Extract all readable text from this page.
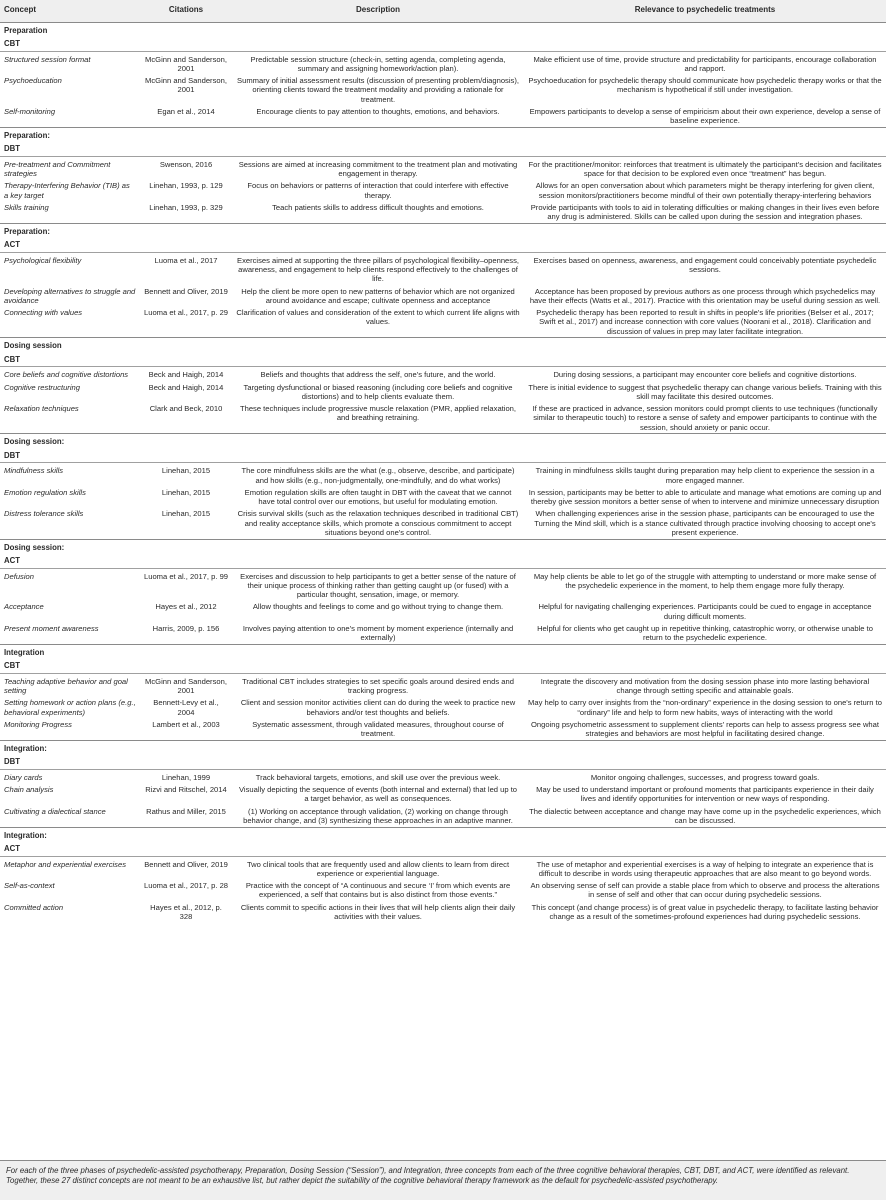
Concept	Citations	Description	Relevance to psychedelic treatments
Preparation			
CBT			
Structured session format	McGinn and Sanderson, 2001	Predictable session structure (check-in, setting agenda, completing agenda, summary and assigning homework/action plan).	Make efficient use of time, provide structure and predictability for participants, encourage collaboration and rapport.
Psychoeducation	McGinn and Sanderson, 2001	Summary of initial assessment results (discussion of presenting problem/diagnosis), orienting clients toward the treatment modality and providing a rationale for treatment.	Psychoeducation for psychedelic therapy should communicate how psychedelic therapy works or that the mechanism is hypothetical if still under investigation.
Self-monitoring	Egan et al., 2014	Encourage clients to pay attention to thoughts, emotions, and behaviors.	Empowers participants to develop a sense of empiricism about their own experience, develop a sense of baseline experience.
Preparation:			
DBT			
Pre-treatment and Commitment strategies	Swenson, 2016	Sessions are aimed at increasing commitment to the treatment plan and motivating engagement in therapy.	For the practitioner/monitor: reinforces that treatment is ultimately the participant's decision and facilitates space for that decision to be explored even once “treatment” has begun.
Therapy-Interfering Behavior (TIB) as a key target	Linehan, 1993, p. 129	Focus on behaviors or patterns of interaction that could interfere with effective therapy.	Allows for an open conversation about which parameters might be therapy interfering for given client, session monitors/practitioners become mindful of their own potentially therapy-interfering behaviors
Skills training	Linehan, 1993, p. 329	Teach patients skills to address difficult thoughts and emotions.	Provide participants with tools to aid in tolerating difficulties or making changes in their lives even before any drug is administered. Skills can be called upon during the session and integration phases.
Preparation:			
ACT			
Psychological flexibility	Luoma et al., 2017	Exercises aimed at supporting the three pillars of psychological flexibility–openness, awareness, and engagement to help clients respond effectively to the challenges of life.	Exercises based on openness, awareness, and engagement could conceivably potentiate psychedelic sessions.
Developing alternatives to struggle and avoidance	Bennett and Oliver, 2019	Help the client be more open to new patterns of behavior which are not organized around avoidance and escape; cultivate openness and acceptance	Acceptance has been proposed by previous authors as one process through which psychedelics may have their effects (Watts et al., 2017). Practice with this orientation may be useful during session as well.
Connecting with values	Luoma et al., 2017, p. 29	Clarification of values and consideration of the extent to which current life aligns with values.	Psychedelic therapy has been reported to result in shifts in people's life priorities (Belser et al., 2017; Swift et al., 2017) and increase connection with core values (Noorani et al., 2018). Clarification and discussion of values in prep may later facilitate integration.
Dosing session			
CBT			
Core beliefs and cognitive distortions	Beck and Haigh, 2014	Beliefs and thoughts that address the self, one's future, and the world.	During dosing sessions, a participant may encounter core beliefs and cognitive distortions.
Cognitive restructuring	Beck and Haigh, 2014	Targeting dysfunctional or biased reasoning (including core beliefs and cognitive distortions) and to help clients evaluate them.	There is initial evidence to suggest that psychedelic therapy can change various beliefs. Training with this skill may facilitate this desired outcomes.
Relaxation techniques	Clark and Beck, 2010	These techniques include progressive muscle relaxation (PMR, applied relaxation, and breathing retraining.	If these are practiced in advance, session monitors could prompt clients to use techniques (functionally similar to therapeutic touch) to restore a sense of safety and empower participants to continue with the session, should anxiety or panic occur.
Dosing session:			
DBT			
Mindfulness skills	Linehan, 2015	The core mindfulness skills are the what (e.g., observe, describe, and participate) and how skills (e.g., non-judgmentally, one-mindfully, and do what works)	Training in mindfulness skills taught during preparation may help client to experience the session in a more engaged manner.
Emotion regulation skills	Linehan, 2015	Emotion regulation skills are often taught in DBT with the caveat that we cannot have total control over our emotions, but useful for modulating emotion.	In session, participants may be better to able to articulate and manage what emotions are coming up and thereby give session monitors a better sense of when to intervene and minimize unnecessary disruption
Distress tolerance skills	Linehan, 2015	Crisis survival skills (such as the relaxation techniques described in traditional CBT) and reality acceptance skills, which promote a conscious commitment to accept situations beyond one's control.	When challenging experiences arise in the session phase, participants can be encouraged to use the Turning the Mind skill, which is a stance cultivated through practice involving choosing to accept one's present experience.
Dosing session:			
ACT			
Defusion	Luoma et al., 2017, p. 99	Exercises and discussion to help participants to get a better sense of the nature of their unique process of thinking rather than getting caught up (or fused) with a particular thought, sensation, image, or memory.	May help clients be able to let go of the struggle with attempting to understand or more make sense of the psychedelic experience in the moment, to help them engage more fully therapy.
Acceptance	Hayes et al., 2012	Allow thoughts and feelings to come and go without trying to change them.	Helpful for navigating challenging experiences. Participants could be cued to engage in acceptance during difficult moments.
Present moment awareness	Harris, 2009, p. 156	Involves paying attention to one's moment by moment experience (internally and externally)	Helpful for clients who get caught up in repetitive thinking, catastrophic worry, or otherwise unable to return to the psychedelic experience.
Integration			
CBT			
Teaching adaptive behavior and goal setting	McGinn and Sanderson, 2001	Traditional CBT includes strategies to set specific goals around desired ends and tracking progress.	Integrate the discovery and motivation from the dosing session phase into more lasting behavioral change through setting specific and attainable goals.
Setting homework or action plans (e.g., behavioral experiments)	Bennett-Levy et al., 2004	Client and session monitor activities client can do during the week to practice new behaviors and/or test thoughts and beliefs.	May help to carry over insights from the “non-ordinary” experience in the dosing session to one's return to “ordinary” life and help to form new habits, ways of interacting with the world
Monitoring Progress	Lambert et al., 2003	Systematic assessment, through validated measures, throughout course of treatment.	Ongoing psychometric assessment to supplement clients' reports can help to assess progress see what strategies and behaviors are most helpful in facilitating desired change.
Integration:			
DBT			
Diary cards	Linehan, 1999	Track behavioral targets, emotions, and skill use over the previous week.	Monitor ongoing challenges, successes, and progress toward goals.
Chain analysis	Rizvi and Ritschel, 2014	Visually depicting the sequence of events (both internal and external) that led up to a target behavior, as well as consequences.	May be used to understand important or profound moments that participants experience in their daily lives and identify opportunities for intervention or new ways of responding.
Cultivating a dialectical stance	Rathus and Miller, 2015	(1) Working on acceptance through validation, (2) working on change through behavior change, and (3) synthesizing these approaches in an adaptive manner.	The dialectic between acceptance and change may have come up in the psychedelic experiences, which can be discussed.
Integration:			
ACT			
Metaphor and experiential exercises	Bennett and Oliver, 2019	Two clinical tools that are frequently used and allow clients to learn from direct experience or experiential language.	The use of metaphor and experiential exercises is a way of helping to integrate an experience that is difficult to describe in words using therapeutic approaches that are also meant to go beyond words.
Self-as-context	Luoma et al., 2017, p. 28	Practice with the concept of “A continuous and secure ‘I’ from which events are experienced, a self that contains but is also distinct from those events.”	An observing sense of self can provide a stable place from which to observe and process the alterations in sense of self and other that can occur during psychedelic sessions.
Committed action	Hayes et al., 2012, p. 328	Clients commit to specific actions in their lives that will help clients align their daily activities with their values.	This concept (and change process) is of great value in psychedelic therapy, to facilitate lasting behavior change as a result of the sometimes-profound experiences had during psychedelic sessions.
For each of the three phases of psychedelic-assisted psychotherapy, Preparation, Dosing Session (“Session”), and Integration, three concepts from each of the three cognitive behavioral therapies, CBT, DBT, and ACT, were identified as relevant. Together, these 27 distinct concepts are not meant to be an exhaustive list, but rather depict the suitability of the cognitive behavioral therapy framework as the default for psychedelic-assisted psychotherapy.
